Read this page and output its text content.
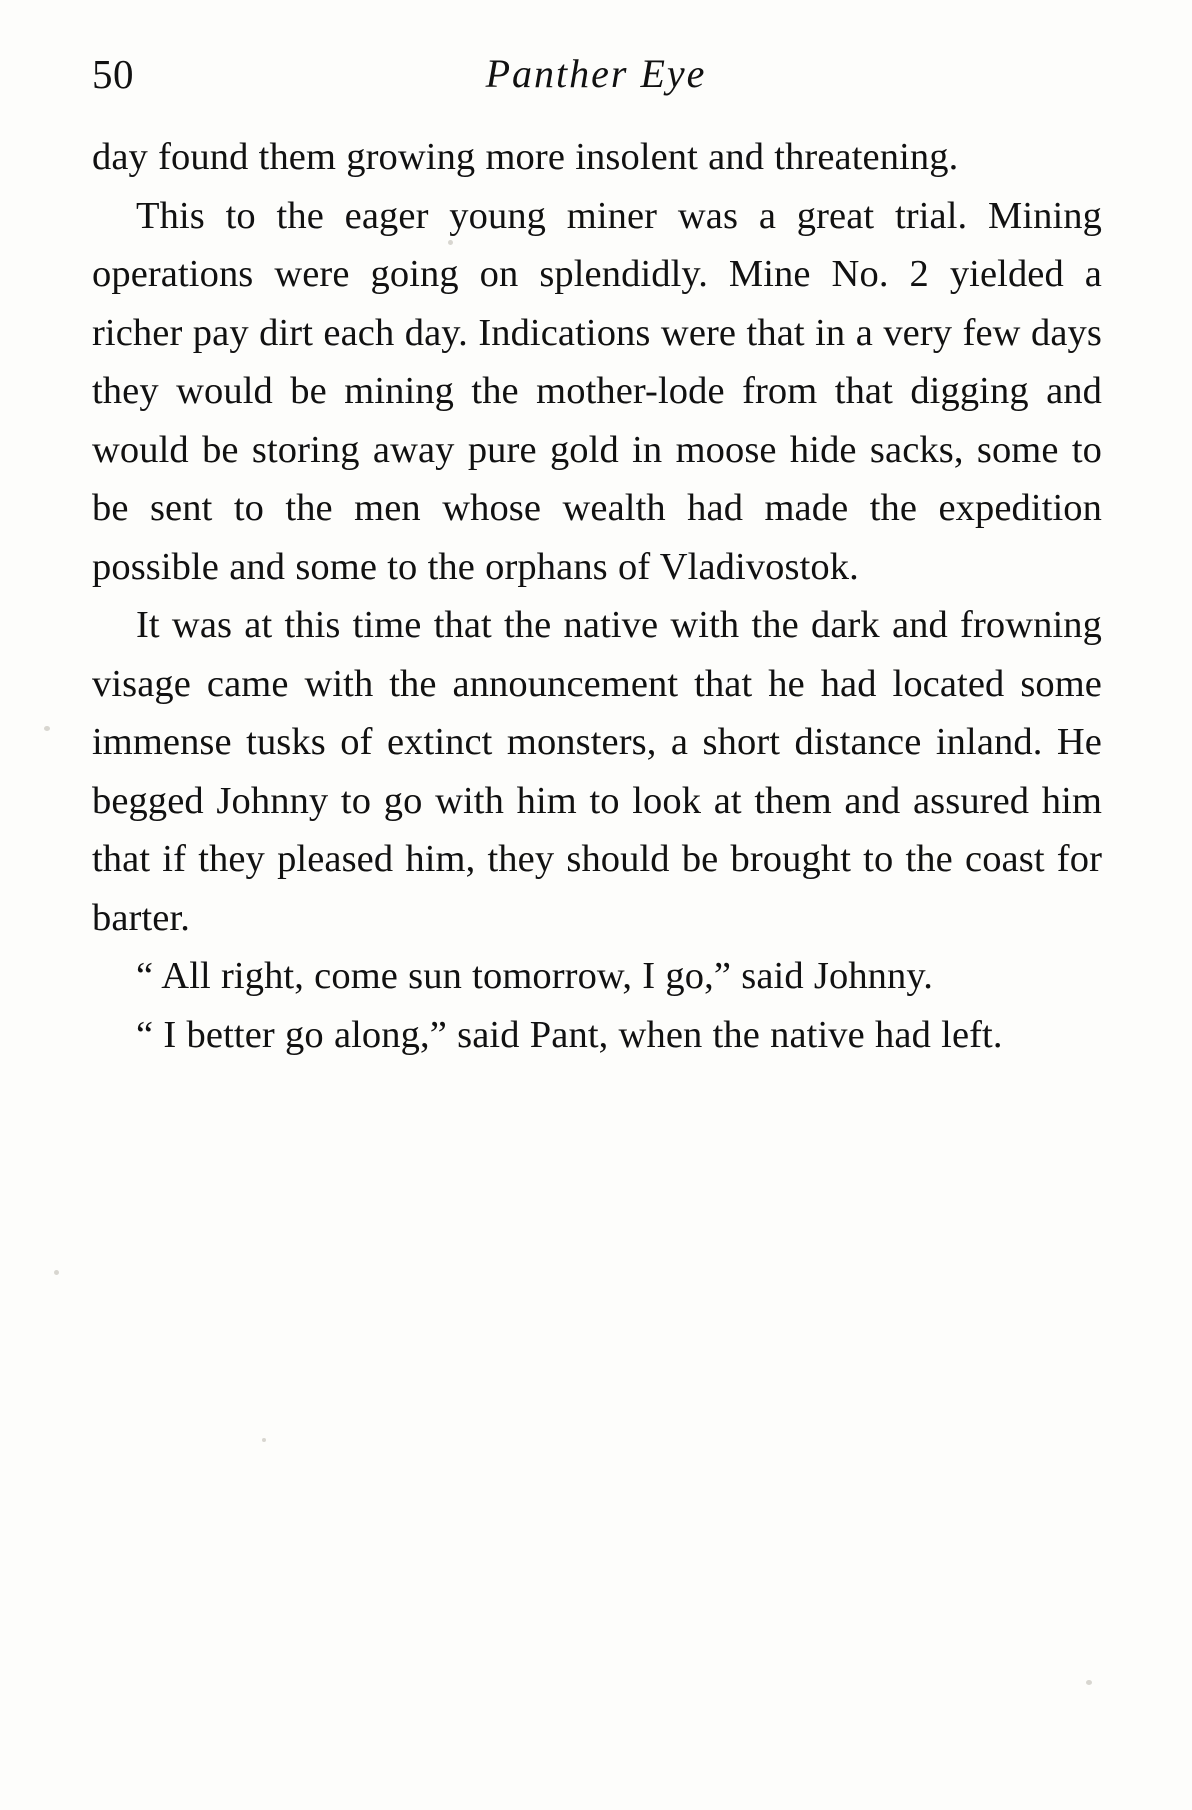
50	Panther Eye

day found them growing more insolent and threatening.

This to the eager young miner was a great trial. Mining operations were going on splendidly. Mine No. 2 yielded a richer pay dirt each day. Indications were that in a very few days they would be mining the mother-lode from that digging and would be storing away pure gold in moose hide sacks, some to be sent to the men whose wealth had made the expedition possible and some to the orphans of Vladivostok.

It was at this time that the native with the dark and frowning visage came with the announcement that he had located some immense tusks of extinct monsters, a short distance inland. He begged Johnny to go with him to look at them and assured him that if they pleased him, they should be brought to the coast for barter.

“ All right, come sun tomorrow, I go,” said Johnny.

“ I better go along,” said Pant, when the native had left.
